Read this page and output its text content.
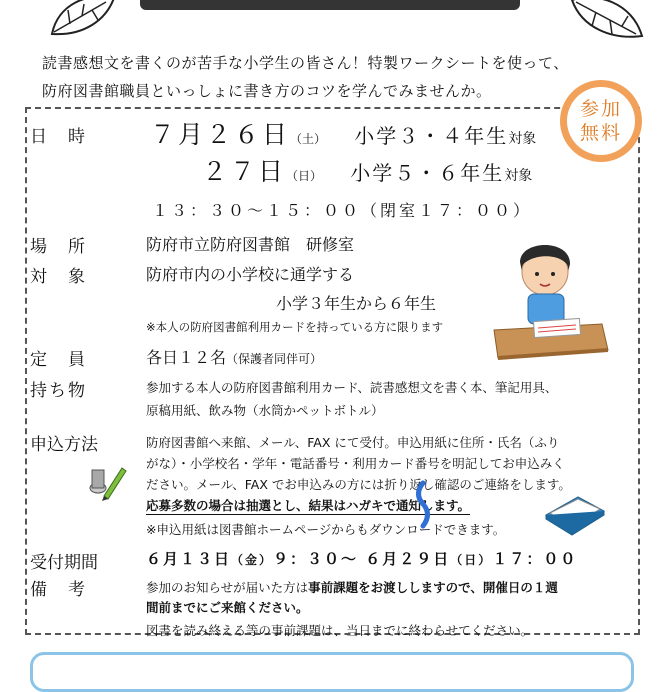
読書感想文を書くのが苦手な小学生の皆さん！特製ワークシートを使って、
防府図書館職員といっしょに書き方のコツを学んでみませんか。
参加
無料
日　時	７月２６日（土） 小学３・４年生対象
２７日（日） 小学５・６年生対象
１３：３０〜１５：００（閉室１７：００）
場　所	防府市立防府図書館　研修室
対　象	防府市内の小学校に通学する
小学３年生から６年生
※本人の防府図書館利用カードを持っている方に限ります
定　員	各日１２名（保護者同伴可）
持ち物	参加する本人の防府図書館利用カード、読書感想文を書く本、筆記用具、
原稿用紙、飲み物（水筒かペットボトル）
申込方法	防府図書館へ来館、メール、FAX にて受付。申込用紙に住所・氏名（ふり
がな）・小学校名・学年・電話番号・利用カード番号を明記してお申込みく
ださい。メール、FAX でお申込みの方には折り返し確認のご連絡をします。
応募多数の場合は抽選とし、結果はハガキで通知します。
※申込用紙は図書館ホームページからもダウンロードできます。
受付期間	６月１３日（金）９：３０〜 ６月２９日（日）１７：００
備　考	参加のお知らせが届いた方は事前課題をお渡ししますので、開催日の１週
間前までにご来館ください。
図書を読み終える等の事前課題は、当日までに終わらせてください。
